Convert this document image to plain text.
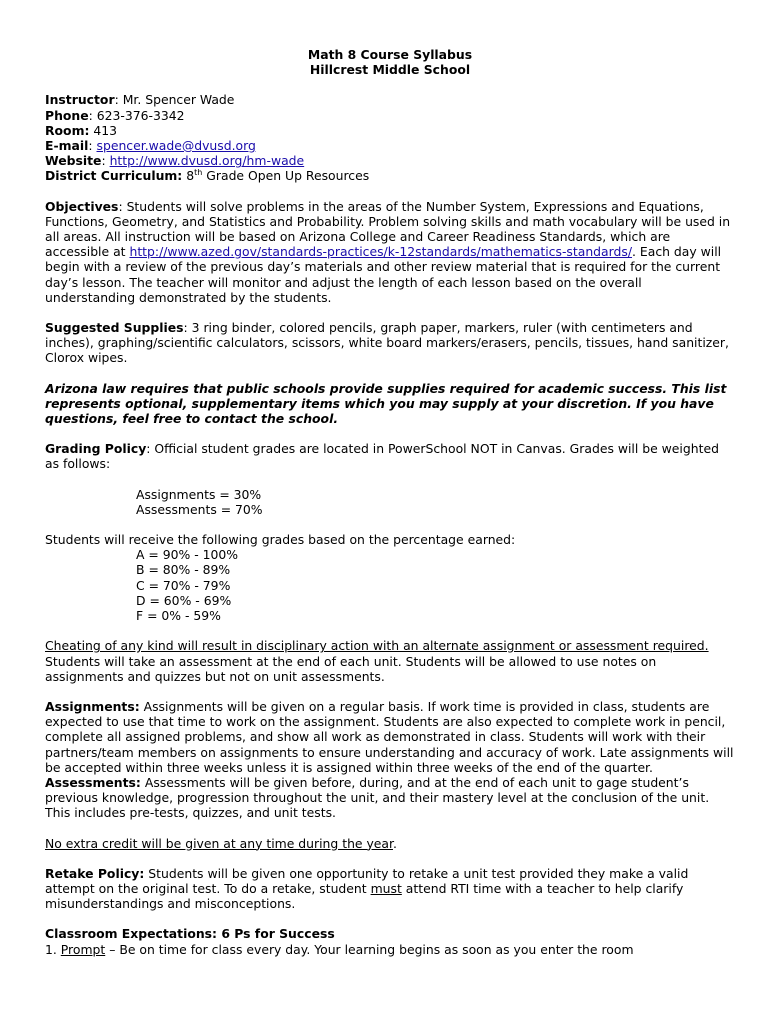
Math 8 Course Syllabus

Hillcrest Middle School

Instructor: Mr. Spencer Wade

Phone: 623-376-3342

Room: 413

E-mail: spencer.wade@dvusd.org

Website: http://www.dvusd.org/hm-wade

District Curriculum: 8th Grade Open Up Resources

Objectives: Students will solve problems in the areas of the Number System, Expressions and Equations, Functions, Geometry, and Statistics and Probability. Problem solving skills and math vocabulary will be used in all areas. All instruction will be based on Arizona College and Career Readiness Standards, which are accessible at http://www.azed.gov/standards-practices/k-12standards/mathematics-standards/. Each day will begin with a review of the previous day’s materials and other review material that is required for the current day’s lesson. The teacher will monitor and adjust the length of each lesson based on the overall understanding demonstrated by the students.

Suggested Supplies: 3 ring binder, colored pencils, graph paper, markers, ruler (with centimeters and inches), graphing/scientific calculators, scissors, white board markers/erasers, pencils, tissues, hand sanitizer, Clorox wipes.

Arizona law requires that public schools provide supplies required for academic success. This list represents optional, supplementary items which you may supply at your discretion. If you have questions, feel free to contact the school.

Grading Policy: Official student grades are located in PowerSchool NOT in Canvas. Grades will be weighted as follows:

Assignments = 30%

Assessments = 70%

Students will receive the following grades based on the percentage earned:

A = 90% - 100%

B = 80% - 89%

C = 70% - 79%

D = 60% - 69%

F = 0% - 59%

Cheating of any kind will result in disciplinary action with an alternate assignment or assessment required.

Students will take an assessment at the end of each unit. Students will be allowed to use notes on assignments and quizzes but not on unit assessments.

Assignments: Assignments will be given on a regular basis. If work time is provided in class, students are expected to use that time to work on the assignment. Students are also expected to complete work in pencil, complete all assigned problems, and show all work as demonstrated in class. Students will work with their partners/team members on assignments to ensure understanding and accuracy of work. Late assignments will be accepted within three weeks unless it is assigned within three weeks of the end of the quarter.

Assessments: Assessments will be given before, during, and at the end of each unit to gage student’s previous knowledge, progression throughout the unit, and their mastery level at the conclusion of the unit. This includes pre-tests, quizzes, and unit tests.

No extra credit will be given at any time during the year.

Retake Policy: Students will be given one opportunity to retake a unit test provided they make a valid attempt on the original test. To do a retake, student must attend RTI time with a teacher to help clarify misunderstandings and misconceptions.

Classroom Expectations: 6 Ps for Success

1. Prompt – Be on time for class every day. Your learning begins as soon as you enter the room
